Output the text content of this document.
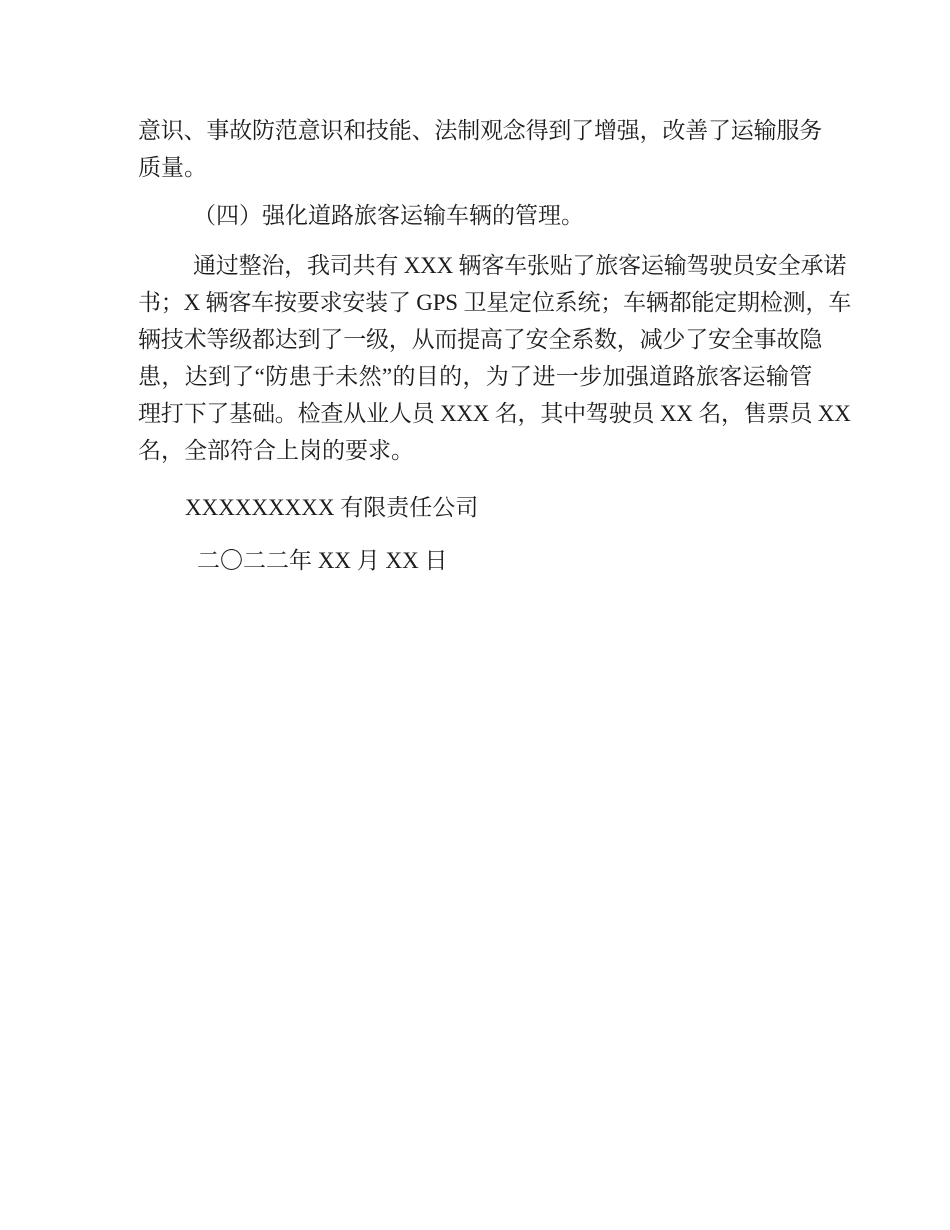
意识、事故防范意识和技能、法制观念得到了增强，改善了运输服务
质量。
（四）强化道路旅客运输车辆的管理。
通过整治，我司共有 XXX 辆客车张贴了旅客运输驾驶员安全承诺
书；X 辆客车按要求安装了 GPS 卫星定位系统；车辆都能定期检测，车
辆技术等级都达到了一级，从而提高了安全系数，减少了安全事故隐
患，达到了“防患于未然”的目的，为了进一步加强道路旅客运输管
理打下了基础。检查从业人员 XXX 名，其中驾驶员 XX 名，售票员 XX
名，全部符合上岗的要求。
XXXXXXXXX 有限责任公司
二〇二二年 XX 月 XX 日
